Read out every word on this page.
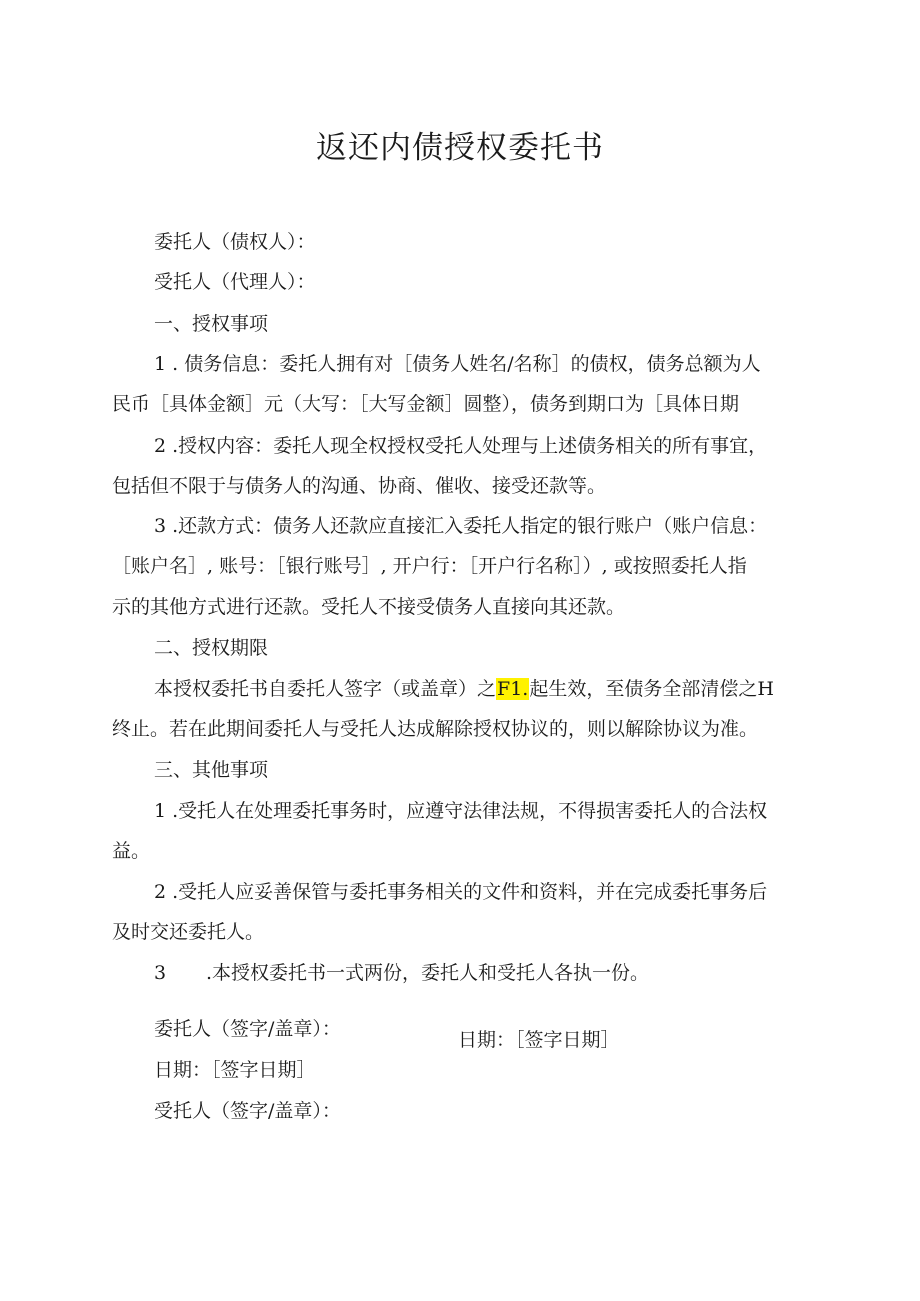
返还内债授权委托书
委托人（债权人）：
受托人（代理人）：
一、授权事项
1 . 债务信息：委托人拥有对［债务人姓名/名称］的债权，债务总额为人
民币［具体金额］元（大写：［大写金额］圆整），债务到期口为［具体日期
2 .授权内容：委托人现全权授权受托人处理与上述债务相关的所有事宜，
包括但不限于与债务人的沟通、协商、催收、接受还款等。
3 .还款方式：债务人还款应直接汇入委托人指定的银行账户（账户信息：
［账户名］, 账号：［银行账号］, 开户行：［开户行名称］）, 或按照委托人指
示的其他方式进行还款。受托人不接受债务人直接向其还款。
二、授权期限
本授权委托书自委托人签字（或盖章）之F1.起生效，至债务全部清偿之H
终止。若在此期间委托人与受托人达成解除授权协议的，则以解除协议为准。
三、其他事项
1 .受托人在处理委托事务时，应遵守法律法规，不得损害委托人的合法权
益。
2 .受托人应妥善保管与委托事务相关的文件和资料，并在完成委托事务后
及时交还委托人。
3 .本授权委托书一式两份，委托人和受托人各执一份。
委托人（签字/盖章）：	日期：［签字日期］
日期：［签字日期］
受托人（签字/盖章）：
